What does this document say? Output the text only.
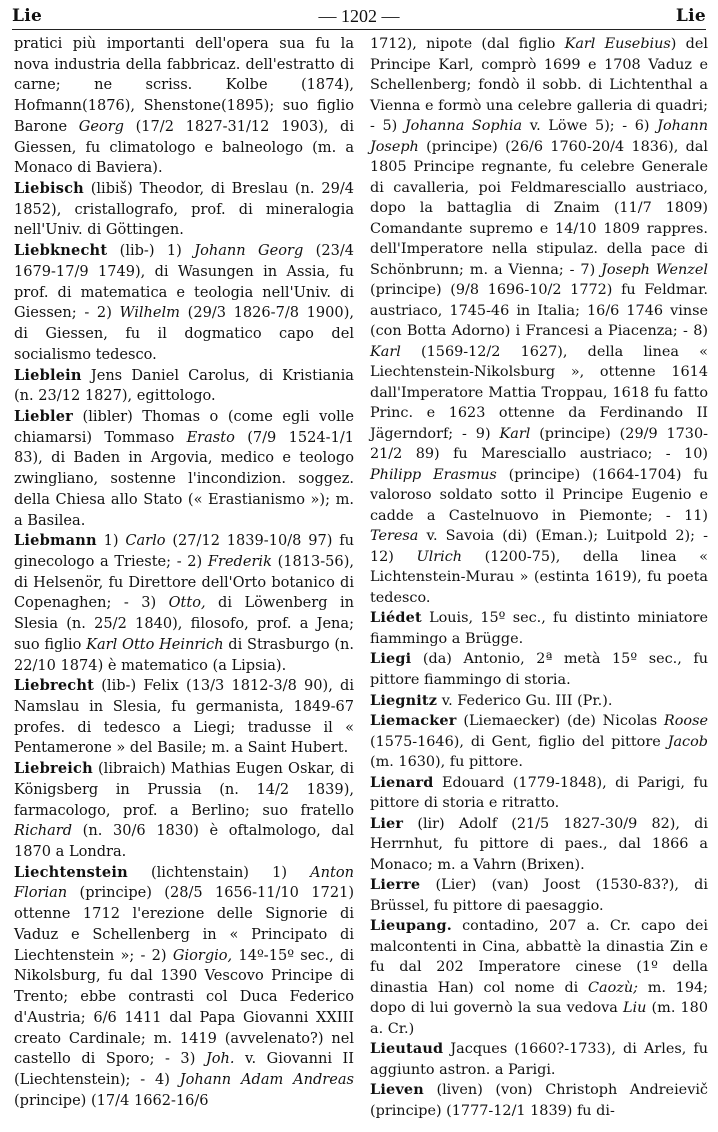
Lie	— 1202 —	Lie

pratici più importanti dell'opera sua fu la nova industria della fabbricaz. dell'estratto di carne; ne scriss. Kolbe (1874), Hofmann(1876), Shenstone(1895); suo figlio Barone Georg (17/2 1827-31/12 1903), di Giessen, fu climatologo e balneologo (m. a Monaco di Baviera).

Liebisch (libiš) Theodor, di Breslau (n. 29/4 1852), cristallografo, prof. di mineralogia nell'Univ. di Göttingen.

Liebknecht (lib-) 1) Johann Georg (23/4 1679-17/9 1749), di Wasungen in Assia, fu prof. di matematica e teologia nell'Univ. di Giessen; - 2) Wilhelm (29/3 1826-7/8 1900), di Giessen, fu il dogmatico capo del socialismo tedesco.

Lieblein Jens Daniel Carolus, di Kristiania (n. 23/12 1827), egittologo.

Liebler (libler) Thomas o (come egli volle chiamarsi) Tommaso Erasto (7/9 1524-1/1 83), di Baden in Argovia, medico e teologo zwingliano, sostenne l'incondizion. soggez. della Chiesa allo Stato (« Erastianismo »); m. a Basilea.

Liebmann 1) Carlo (27/12 1839-10/8 97) fu ginecologo a Trieste; - 2) Frederik (1813-56), di Helsenör, fu Direttore dell'Orto botanico di Copenaghen; - 3) Otto, di Löwenberg in Slesia (n. 25/2 1840), filosofo, prof. a Jena; suo figlio Karl Otto Heinrich di Strasburgo (n. 22/10 1874) è matematico (a Lipsia).

Liebrecht (lib-) Felix (13/3 1812-3/8 90), di Namslau in Slesia, fu germanista, 1849-67 profes. di tedesco a Liegi; tradusse il « Pentamerone » del Basile; m. a Saint Hubert.

Liebreich (libraich) Mathias Eugen Oskar, di Königsberg in Prussia (n. 14/2 1839), farmacologo, prof. a Berlino; suo fratello Richard (n. 30/6 1830) è oftalmologo, dal 1870 a Londra.

Liechtenstein (lichtenstain) 1) Anton Florian (principe) (28/5 1656-11/10 1721) ottenne 1712 l'erezione delle Signorie di Vaduz e Schellenberg in « Principato di Liechtenstein »; - 2) Giorgio, 14º-15º sec., di Nikolsburg, fu dal 1390 Vescovo Principe di Trento; ebbe contrasti col Duca Federico d'Austria; 6/6 1411 dal Papa Giovanni XXIII creato Cardinale; m. 1419 (avvelenato?) nel castello di Sporo; - 3) Joh. v. Giovanni II (Liechtenstein); - 4) Johann Adam Andreas (principe) (17/4 1662-16/6

1712), nipote (dal figlio Karl Eusebius) del Principe Karl, comprò 1699 e 1708 Vaduz e Schellenberg; fondò il sobb. di Lichtenthal a Vienna e formò una celebre galleria di quadri; - 5) Johanna Sophia v. Löwe 5); - 6) Johann Joseph (principe) (26/6 1760-20/4 1836), dal 1805 Principe regnante, fu celebre Generale di cavalleria, poi Feldmaresciallo austriaco, dopo la battaglia di Znaim (11/7 1809) Comandante supremo e 14/10 1809 rappres. dell'Imperatore nella stipulaz. della pace di Schönbrunn; m. a Vienna; - 7) Joseph Wenzel (principe) (9/8 1696-10/2 1772) fu Feldmar. austriaco, 1745-46 in Italia; 16/6 1746 vinse (con Botta Adorno) i Francesi a Piacenza; - 8) Karl (1569-12/2 1627), della linea « Liechtenstein-Nikolsburg », ottenne 1614 dall'Imperatore Mattia Troppau, 1618 fu fatto Princ. e 1623 ottenne da Ferdinando II Jägerndorf; - 9) Karl (principe) (29/9 1730-21/2 89) fu Maresciallo austriaco; - 10) Philipp Erasmus (principe) (1664-1704) fu valoroso soldato sotto il Principe Eugenio e cadde a Castelnuovo in Piemonte; - 11) Teresa v. Savoia (di) (Eman.); Luitpold 2); - 12) Ulrich (1200-75), della linea « Lichtenstein-Murau » (estinta 1619), fu poeta tedesco.

Liédet Louis, 15º sec., fu distinto miniatore fiammingo a Brügge.

Liegi (da) Antonio, 2ª metà 15º sec., fu pittore fiammingo di storia.

Liegnitz v. Federico Gu. III (Pr.).

Liemacker (Liemaecker) (de) Nicolas Roose (1575-1646), di Gent, figlio del pittore Jacob (m. 1630), fu pittore.

Lienard Edouard (1779-1848), di Parigi, fu pittore di storia e ritratto.

Lier (lir) Adolf (21/5 1827-30/9 82), di Herrnhut, fu pittore di paes., dal 1866 a Monaco; m. a Vahrn (Brixen).

Lierre (Lier) (van) Joost (1530-83?), di Brüssel, fu pittore di paesaggio.

Lieupang. contadino, 207 a. Cr. capo dei malcontenti in Cina, abbattè la dinastia Zin e fu dal 202 Imperatore cinese (1º della dinastia Han) col nome di Caozù; m. 194; dopo di lui governò la sua vedova Liu (m. 180 a. Cr.)

Lieutaud Jacques (1660?-1733), di Arles, fu aggiunto astron. a Parigi.

Lieven (liven) (von) Christoph Andreievič (principe) (1777-12/1 1839) fu di-
